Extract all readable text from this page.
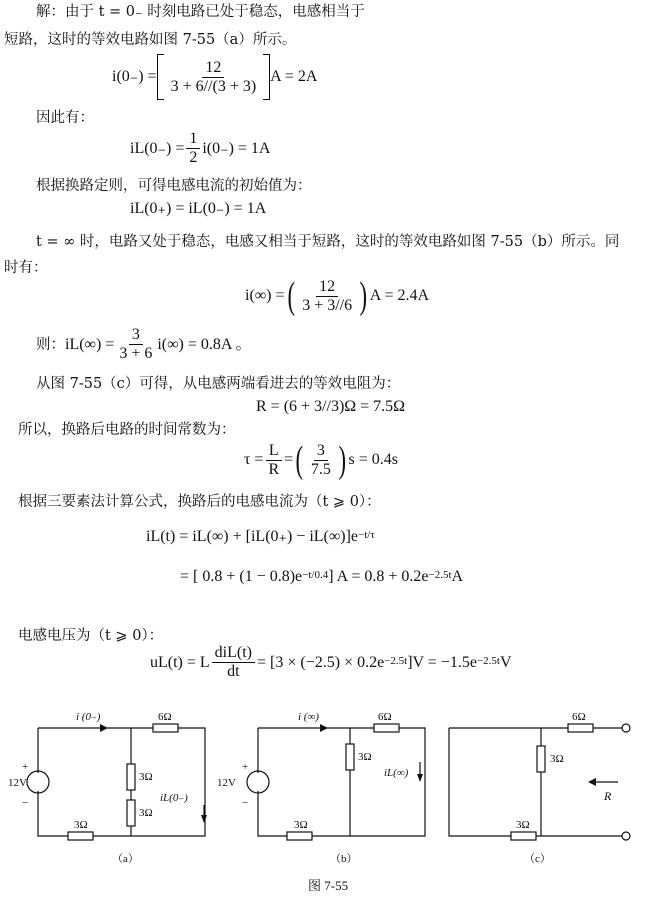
解：由于 t = 0₋ 时刻电路已处于稳态，电感相当于
短路，这时的等效电路如图 7-55（a）所示。
$i(0_-) = \frac{12}{3 + 6//(3 + 3)}$ A = 2A
因此有：
$iL(0_-) = \frac{1}{2} i(0_-) = 1A$
根据换路定则，可得电感电流的初始值为：
iL(0₊) = iL(0₋) = 1A
t = ∞ 时，电路又处于稳态，电感又相当于短路，这时的等效电路如图 7-55（b）所示。同
时有：
i(∞) = ( $\frac{12}{3 + 3//6}$ ) A = 2.4A
则： $iL(\infty) = \frac{3}{3 + 6} i(\infty) = 0.8A$ 。
从图 7-55（c）可得，从电感两端看进去的等效电阻为：
R = (6 + 3//3)Ω = 7.5Ω
所以，换路后电路的时间常数为：
$\tau = \frac{L}{R}$ = ( $\frac{3}{7.5}$ ) s = 0.4s
根据三要素法计算公式，换路后的电感电流为（t ⩾ 0）：
$iL(t) = iL(\infty) + [iL(0_+) - iL(\infty)]e^{-t/\tau}$
= [ $0.8 + (1 - 0.8)e^{-t/0.4}$ ] $A = 0.8 + 0.2e^{-2.5t}$ A
电感电压为（t ⩾ 0）：
uL(t) = L $\frac{\text{diL(t)}}{dt} = [3 \times (-2.5) \times 0.2e^{-2.5t}$ ]$V = -1.5e^{-2.5t}$ V
+
12V
−
i (0₋)	6Ω
3Ω
3Ω
3Ω
iL(0₋)
（a）
+
12V
−
i (∞)	6Ω
3Ω
3Ω
iL(∞)
（b）
6Ω
3Ω
3Ω
R
（c）
图 7-55
